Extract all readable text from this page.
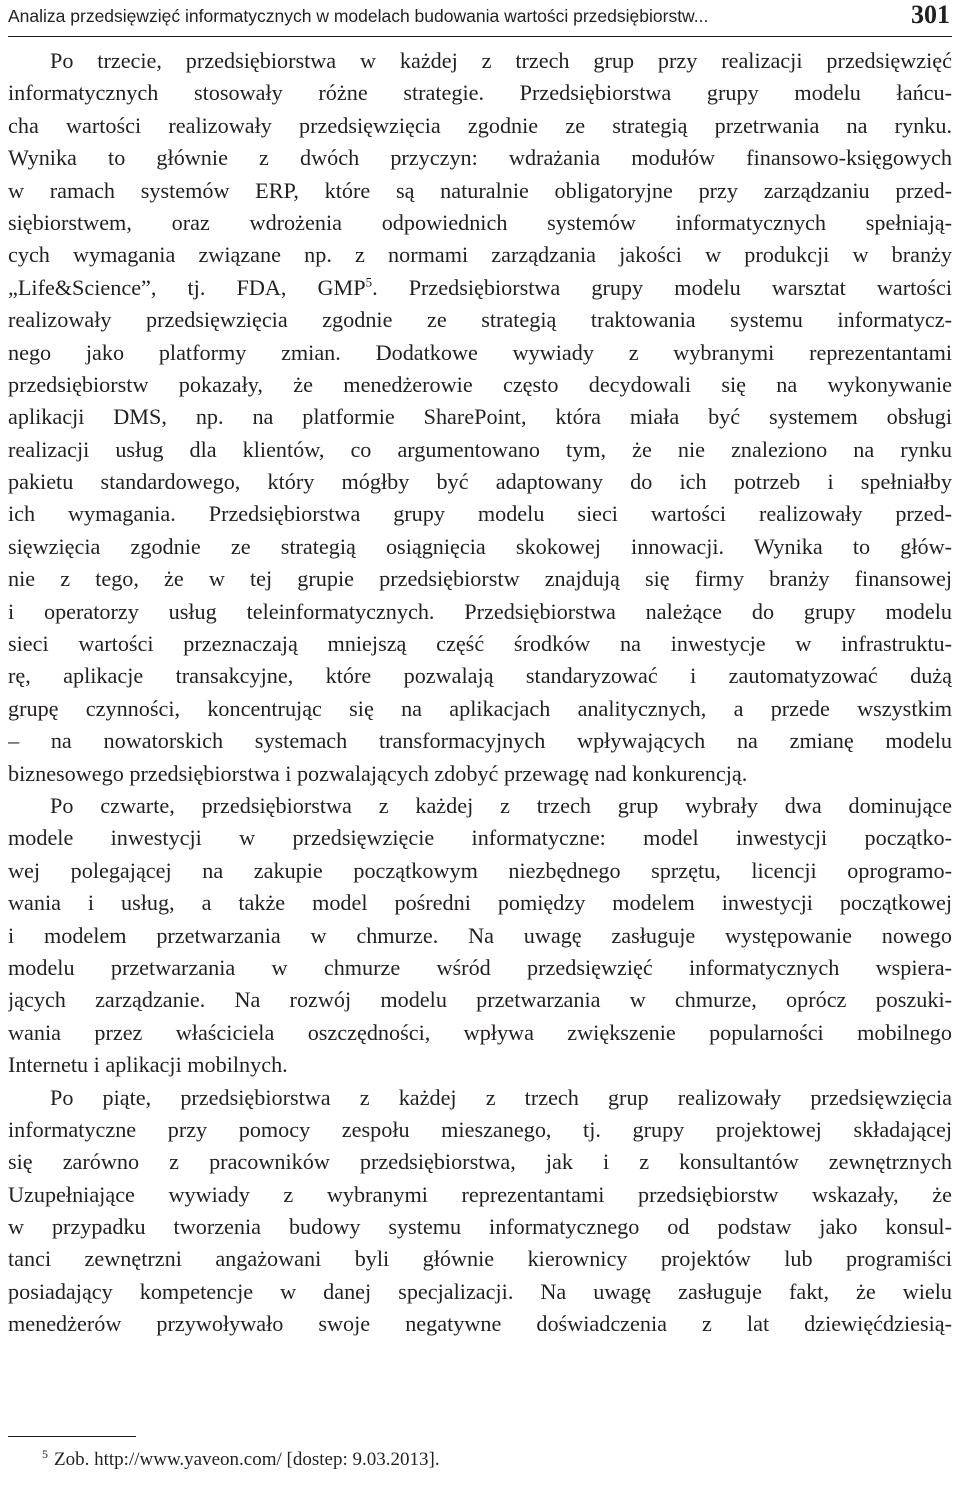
Analiza przedsięwzięć informatycznych w modelach budowania wartości przedsiębiorstw...	301
Po trzecie, przedsiębiorstwa w każdej z trzech grup przy realizacji przedsięwzięć
informatycznych stosowały różne strategie. Przedsiębiorstwa grupy modelu łańcu-
cha wartości realizowały przedsięwzięcia zgodnie ze strategią przetrwania na rynku.
Wynika to głównie z dwóch przyczyn: wdrażania modułów finansowo-księgowych
w ramach systemów ERP, które są naturalnie obligatoryjne przy zarządzaniu przed-
siębiorstwem, oraz wdrożenia odpowiednich systemów informatycznych spełniają-
cych wymagania związane np. z normami zarządzania jakości w produkcji w branży
„Life&Science”, tj. FDA, GMP$^5$. Przedsiębiorstwa grupy modelu warsztat wartości
realizowały przedsięwzięcia zgodnie ze strategią traktowania systemu informatycz-
nego jako platformy zmian. Dodatkowe wywiady z wybranymi reprezentantami
przedsiębiorstw pokazały, że menedżerowie często decydowali się na wykonywanie
aplikacji DMS, np. na platformie SharePoint, która miała być systemem obsługi
realizacji usług dla klientów, co argumentowano tym, że nie znaleziono na rynku
pakietu standardowego, który mógłby być adaptowany do ich potrzeb i spełniałby
ich wymagania. Przedsiębiorstwa grupy modelu sieci wartości realizowały przed-
sięwzięcia zgodnie ze strategią osiągnięcia skokowej innowacji. Wynika to głów-
nie z tego, że w tej grupie przedsiębiorstw znajdują się firmy branży finansowej
i operatorzy usług teleinformatycznych. Przedsiębiorstwa należące do grupy modelu
sieci wartości przeznaczają mniejszą część środków na inwestycje w infrastruktu-
rę, aplikacje transakcyjne, które pozwalają standaryzować i zautomatyzować dużą
grupę czynności, koncentrując się na aplikacjach analitycznych, a przede wszystkim
– na nowatorskich systemach transformacyjnych wpływających na zmianę modelu
biznesowego przedsiębiorstwa i pozwalających zdobyć przewagę nad konkurencją.
Po czwarte, przedsiębiorstwa z każdej z trzech grup wybrały dwa dominujące
modele inwestycji w przedsięwzięcie informatyczne: model inwestycji początko-
wej polegającej na zakupie początkowym niezbędnego sprzętu, licencji oprogramo-
wania i usług, a także model pośredni pomiędzy modelem inwestycji początkowej
i modelem przetwarzania w chmurze. Na uwagę zasługuje występowanie nowego
modelu przetwarzania w chmurze wśród przedsięwzięć informatycznych wspiera-
jących zarządzanie. Na rozwój modelu przetwarzania w chmurze, oprócz poszuki-
wania przez właściciela oszczędności, wpływa zwiększenie popularności mobilnego
Internetu i aplikacji mobilnych.
Po piąte, przedsiębiorstwa z każdej z trzech grup realizowały przedsięwzięcia
informatyczne przy pomocy zespołu mieszanego, tj. grupy projektowej składającej
się zarówno z pracowników przedsiębiorstwa, jak i z konsultantów zewnętrznych
Uzupełniające wywiady z wybranymi reprezentantami przedsiębiorstw wskazały, że
w przypadku tworzenia budowy systemu informatycznego od podstaw jako konsul-
tanci zewnętrzni angażowani byli głównie kierownicy projektów lub programiści
posiadający kompetencje w danej specjalizacji. Na uwagę zasługuje fakt, że wielu
menedżerów przywoływało swoje negatywne doświadczenia z lat dziewięćdziesią-
$^5$ Zob. http://www.yaveon.com/ [dostep: 9.03.2013].
